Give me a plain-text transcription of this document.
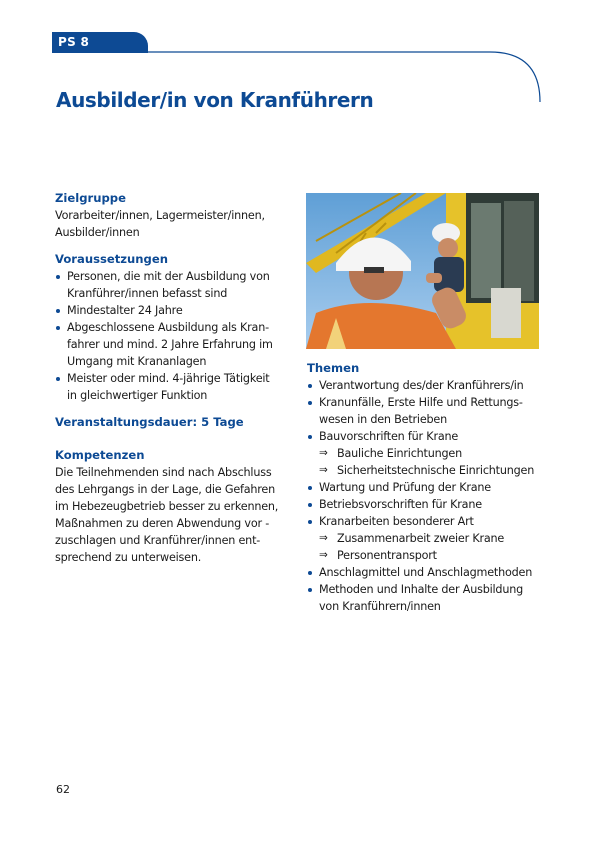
PS 8
Ausbilder/in von Kranführern
Zielgruppe

Vorarbeiter/innen, Lagermeister/innen,
Ausbilder/innen

Voraussetzungen
Personen, die mit der Ausbildung von
Kranführer/innen befasst sind
Mindestalter 24 Jahre
Abgeschlossene Ausbildung als Kran-
fahrer und mind. 2 Jahre Erfahrung im
Umgang mit Krananlagen
Meister oder mind. 4-jährige Tätigkeit
in gleichwertiger Funktion
Veranstaltungsdauer: 5 Tage
Kompetenzen

Die Teilnehmenden sind nach Abschluss
des Lehrgangs in der Lage, die Gefahren
im Hebezeugbetrieb besser zu erkennen,
Maßnahmen zu deren Abwendung vor -
zuschlagen und Kranführer/innen ent-
sprechend zu unterweisen.

Themen
Verantwortung des/der Kranführers/in
Kranunfälle, Erste Hilfe und Rettungs-
wesen in den Betrieben
Bauvorschriften für Krane
⇒ Bauliche Einrichtungen
⇒ Sicherheitstechnische Einrichtungen
Wartung und Prüfung der Krane
Betriebsvorschriften für Krane
Kranarbeiten besonderer Art
⇒ Zusammenarbeit zweier Krane
⇒ Personentransport
Anschlagmittel und Anschlagmethoden
Methoden und Inhalte der Ausbildung
von Kranführern/innen
62
